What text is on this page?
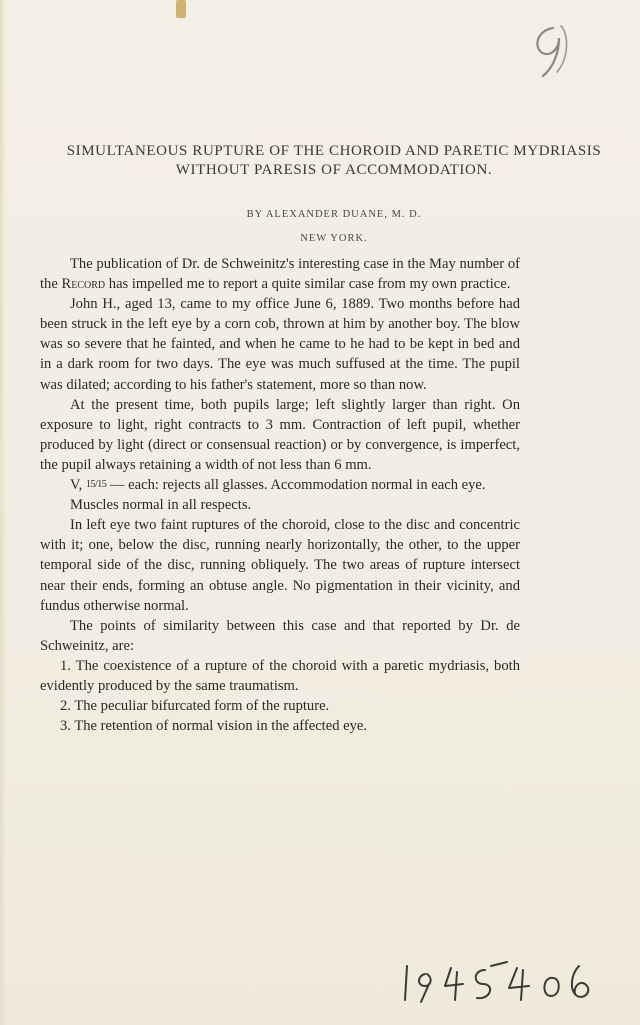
SIMULTANEOUS RUPTURE OF THE CHOROID AND PARETIC MYDRIASIS WITHOUT PARESIS OF ACCOMMODATION.
BY ALEXANDER DUANE, M. D.
NEW YORK.

The publication of Dr. de Schweinitz's interesting case in the May number of the Record has impelled me to report a quite similar case from my own practice.

John H., aged 13, came to my office June 6, 1889. Two months before had been struck in the left eye by a corn cob, thrown at him by another boy. The blow was so severe that he fainted, and when he came to he had to be kept in bed and in a dark room for two days. The eye was much suffused at the time. The pupil was dilated; according to his father's statement, more so than now.

At the present time, both pupils large; left slightly larger than right. On exposure to light, right contracts to 3 mm. Contraction of left pupil, whether produced by light (direct or consensual reaction) or by convergence, is imperfect, the pupil always retaining a width of not less than 6 mm.

V, 15/15 — each: rejects all glasses. Accommodation normal in each eye.

Muscles normal in all respects.

In left eye two faint ruptures of the choroid, close to the disc and concentric with it; one, below the disc, running nearly horizontally, the other, to the upper temporal side of the disc, running obliquely. The two areas of rupture intersect near their ends, forming an obtuse angle. No pigmentation in their vicinity, and fundus otherwise normal.

The points of similarity between this case and that reported by Dr. de Schweinitz, are:

1. The coexistence of a rupture of the choroid with a paretic mydriasis, both evidently produced by the same traumatism.

2. The peculiar bifurcated form of the rupture.

3. The retention of normal vision in the affected eye.
